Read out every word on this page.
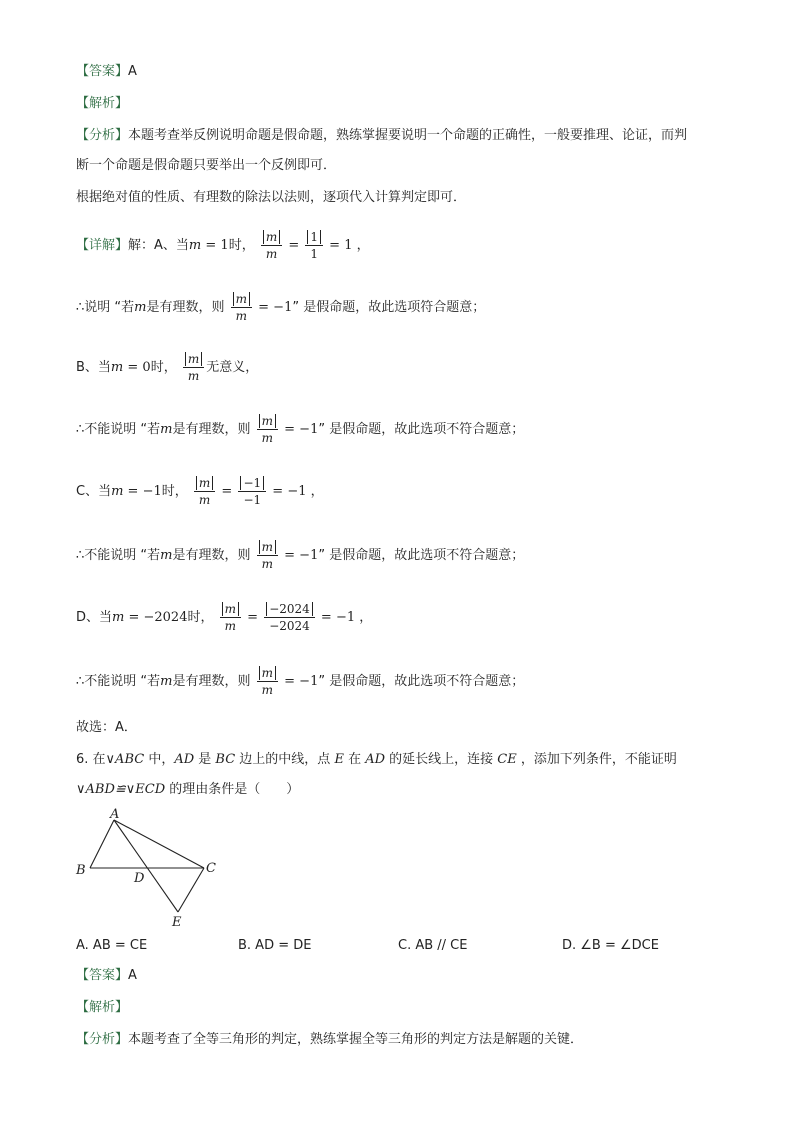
【答案】A
【解析】
【分析】本题考查举反例说明命题是假命题，熟练掌握要说明一个命题的正确性，一般要推理、论证，而判
断一个命题是假命题只要举出一个反例即可．
根据绝对值的性质、有理数的除法以法则，逐项代入计算判定即可．
【详解】解：A、当m = 1时， $\frac{m}{m} = \frac{1}{1} = 1$ ，
∴说明 “若m是有理数，则 $\frac{m}{m} = -1$” 是假命题，故此选项符合题意；
B、当m = 0时， $\frac{m}{m}$ 无意义，
∴不能说明 “若m是有理数，则 $\frac{m}{m} = -1$” 是假命题，故此选项不符合题意；
C、当m = −1时， $\frac{m}{m} = \frac{-1}{-1} = -1$ ，
∴不能说明 “若m是有理数，则 $\frac{m}{m} = -1$” 是假命题，故此选项不符合题意；
D、当m = −2024时， $\frac{m}{m} = \frac{-2024}{-2024} = -1$ ，
∴不能说明 “若m是有理数，则 $\frac{m}{m} = -1$” 是假命题，故此选项不符合题意；
故选：A．
6. 在∨ABC 中，AD 是 BC 边上的中线，点 E 在 AD 的延长线上，连接 CE ，添加下列条件，不能证明
∨ABD≌∨ECD 的理由条件是（　　）
A
B	C
D
E
A. AB = CE	B. AD = DE	C. AB // CE	D. ∠B = ∠DCE
【答案】A
【解析】
【分析】本题考查了全等三角形的判定，熟练掌握全等三角形的判定方法是解题的关键．
